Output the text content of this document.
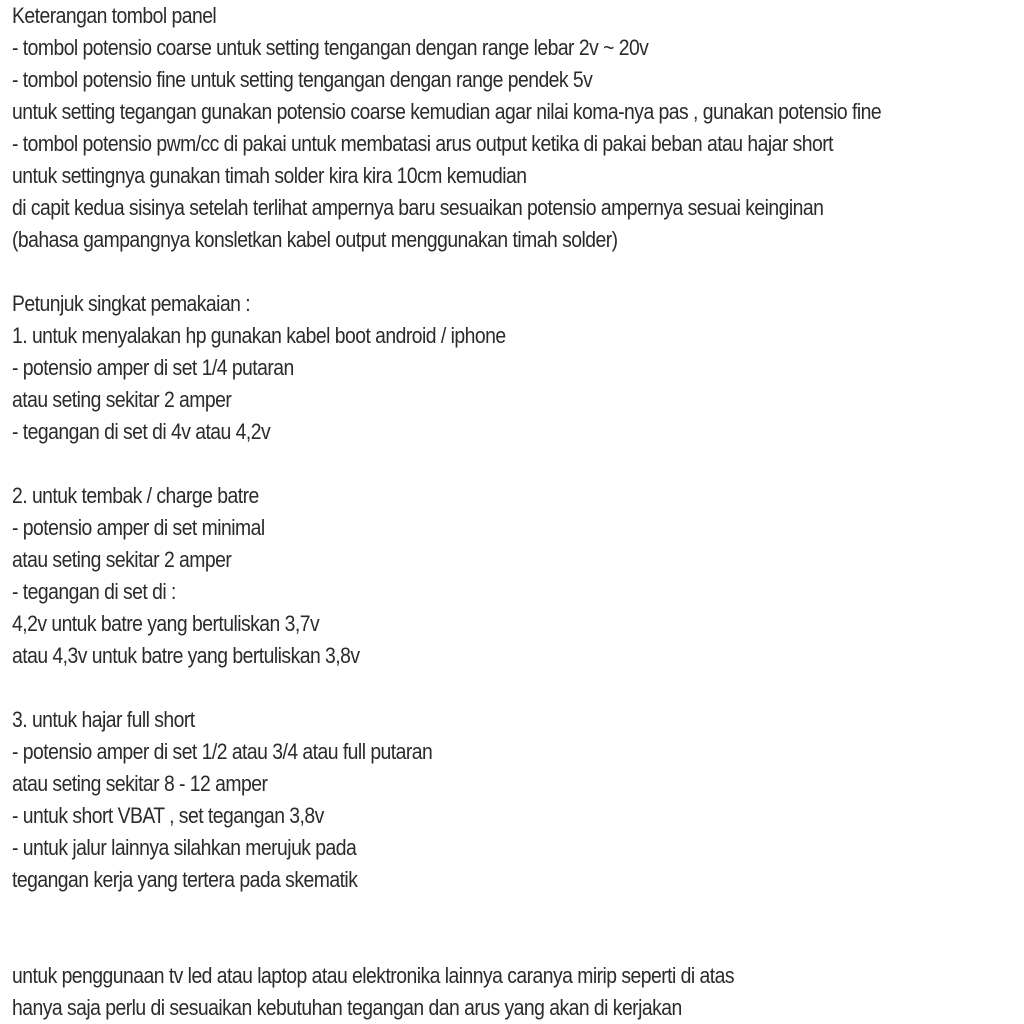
Keterangan tombol panel
- tombol potensio coarse untuk setting tengangan dengan range lebar 2v ~ 20v
- tombol potensio fine untuk setting tengangan dengan range pendek 5v
untuk setting tegangan gunakan potensio coarse kemudian agar nilai koma-nya pas , gunakan potensio fine
- tombol potensio pwm/cc di pakai untuk membatasi arus output ketika di pakai beban atau hajar short
untuk settingnya gunakan timah solder kira kira 10cm kemudian
di capit kedua sisinya setelah terlihat ampernya baru sesuaikan potensio ampernya sesuai keinginan
(bahasa gampangnya konsletkan kabel output menggunakan timah solder)
Petunjuk singkat pemakaian :
1. untuk menyalakan hp gunakan kabel boot android / iphone
- potensio amper di set 1/4 putaran
atau seting sekitar 2 amper
- tegangan di set di 4v atau 4,2v
2. untuk tembak / charge batre
- potensio amper di set minimal
atau seting sekitar 2 amper
- tegangan di set di :
4,2v untuk batre yang bertuliskan 3,7v
atau 4,3v untuk batre yang bertuliskan 3,8v
3. untuk hajar full short
- potensio amper di set 1/2 atau 3/4 atau full putaran
atau seting sekitar 8 - 12 amper
- untuk short VBAT , set tegangan 3,8v
- untuk jalur lainnya silahkan merujuk pada
tegangan kerja yang tertera pada skematik
untuk penggunaan tv led atau laptop atau elektronika lainnya caranya mirip seperti di atas
hanya saja perlu di sesuaikan kebutuhan tegangan dan arus yang akan di kerjakan
